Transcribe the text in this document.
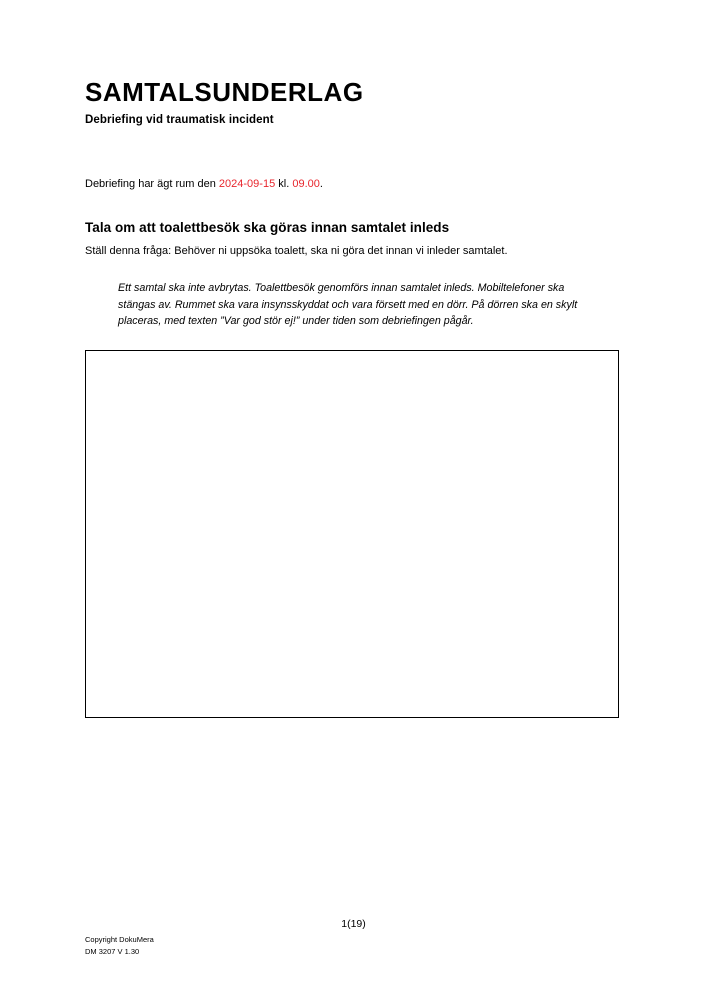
SAMTALSUNDERLAG
Debriefing vid traumatisk incident
Debriefing har ägt rum den 2024-09-15 kl. 09.00.
Tala om att toalettbesök ska göras innan samtalet inleds
Ställ denna fråga: Behöver ni uppsöka toalett, ska ni göra det innan vi inleder samtalet.
Ett samtal ska inte avbrytas. Toalettbesök genomförs innan samtalet inleds. Mobiltelefoner ska stängas av. Rummet ska vara insynsskyddat och vara försett med en dörr. På dörren ska en skylt placeras, med texten ”Var god stör ej!” under tiden som debriefingen pågår.
1(19)
Copyright DokuMera
DM 3207 V 1.30
